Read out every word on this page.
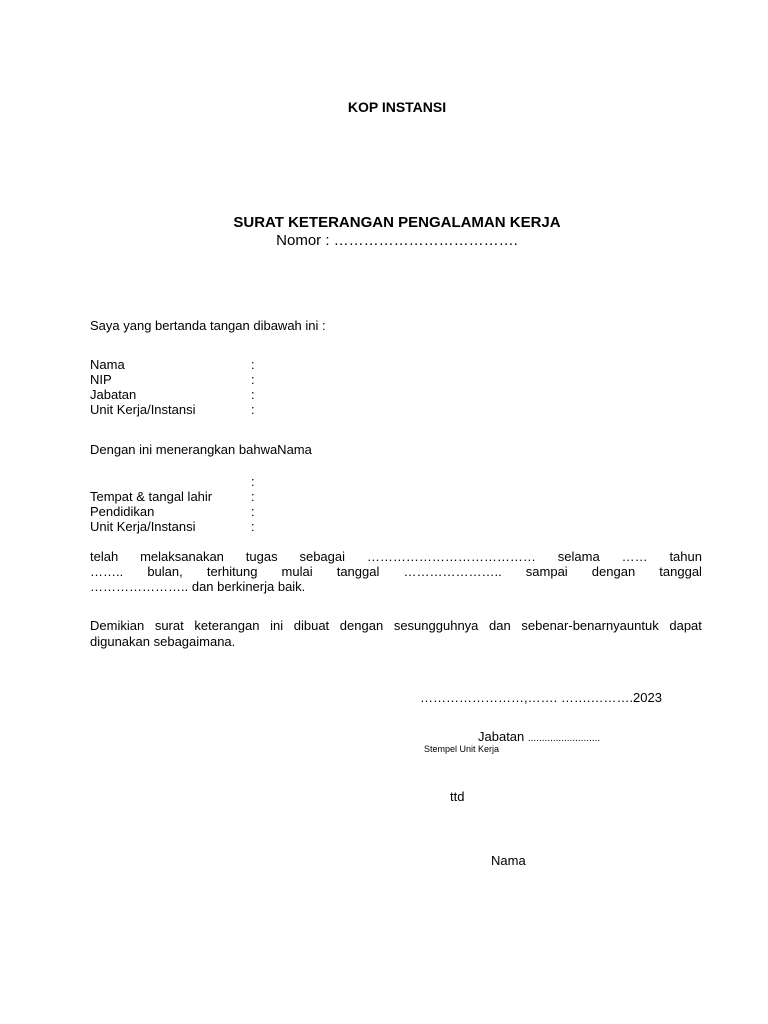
KOP INSTANSI
SURAT KETERANGAN PENGALAMAN KERJA
Nomor : ……………………………….
Saya yang bertanda tangan dibawah ini :
Nama	:
NIP	:
Jabatan	:
Unit Kerja/Instansi	:
Dengan ini menerangkan bahwaNama
:
Tempat & tangal lahir	:
Pendidikan	:
Unit Kerja/Instansi	:
telah melaksanakan tugas sebagai ………………………………… selama …… tahun
…….. bulan, terhitung mulai tanggal ………………….. sampai dengan tanggal
………………….. dan berkinerja baik.
Demikian surat keterangan ini dibuat dengan sesungguhnya dan sebenar-benarnyauntuk dapat
digunakan sebagaimana.
……………………,……. …….……….2023
Jabatan ..........................
Stempel Unit Kerja
ttd
Nama
